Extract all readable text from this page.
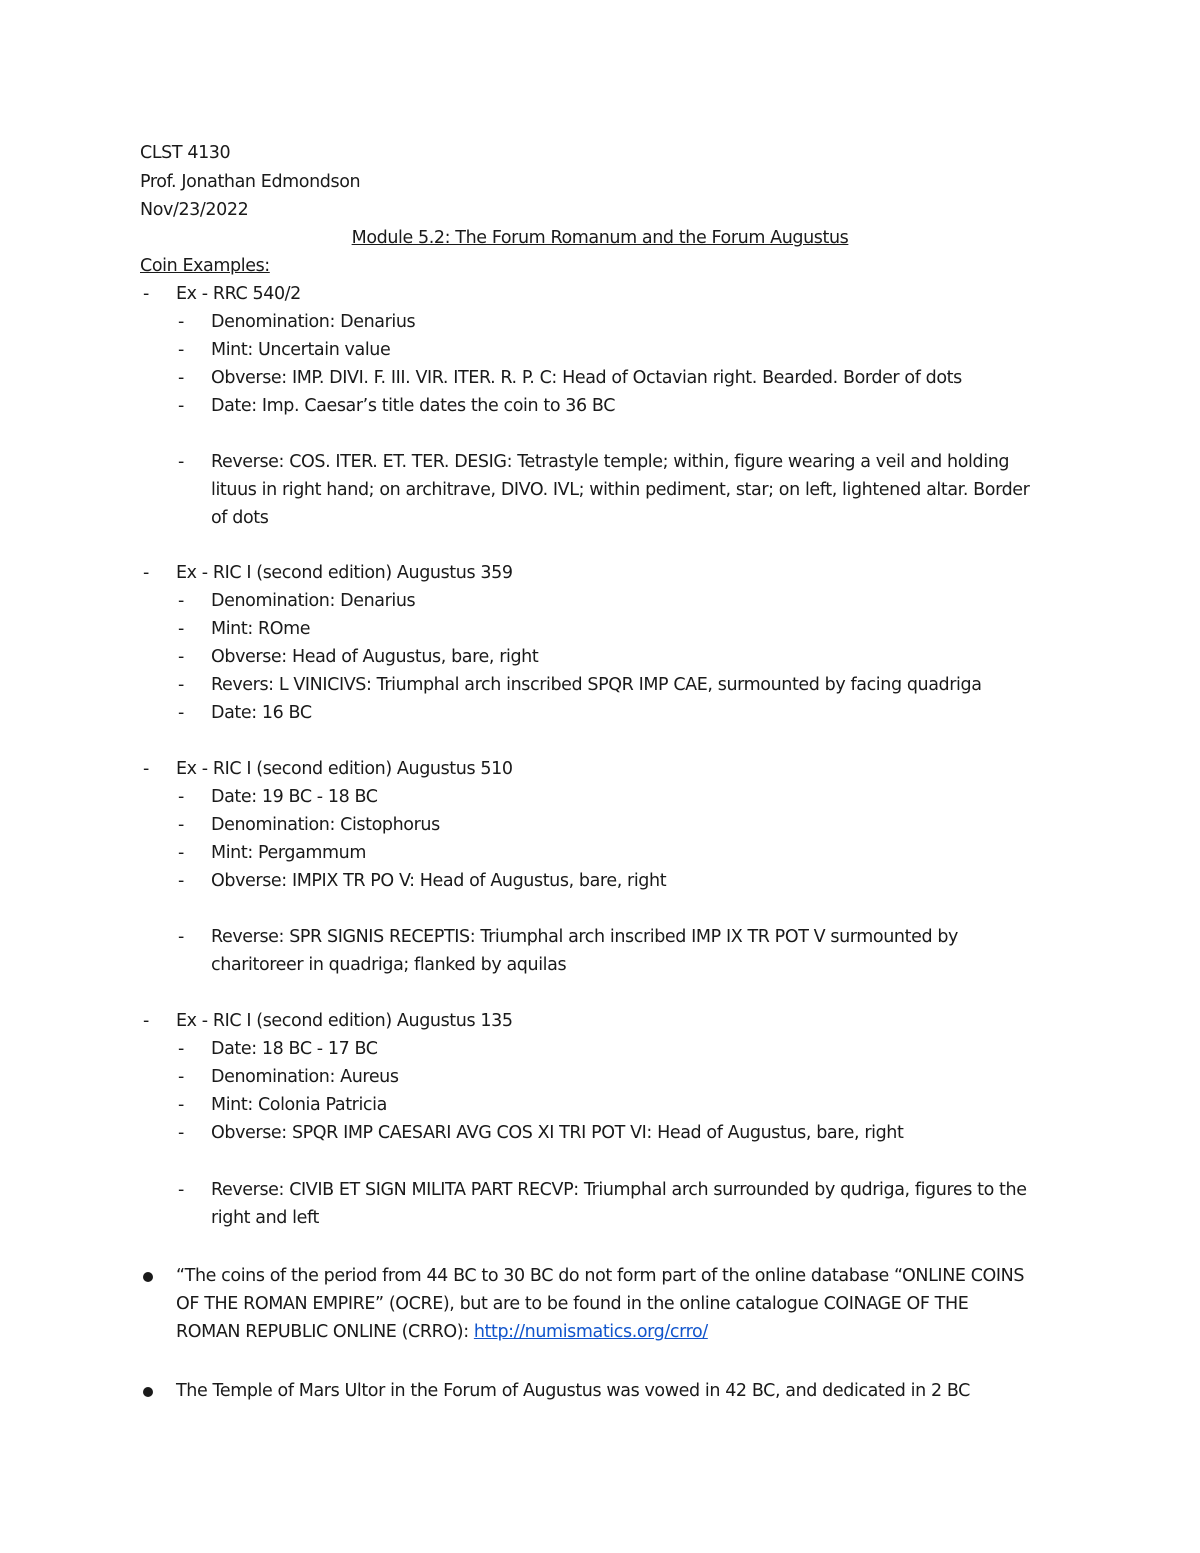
CLST 4130
Prof. Jonathan Edmondson
Nov/23/2022
Module 5.2: The Forum Romanum and the Forum Augustus
Coin Examples:
- Ex - RRC 540/2
- Denomination: Denarius
- Mint: Uncertain value
- Obverse: IMP. DIVI. F. III. VIR. ITER. R. P. C: Head of Octavian right. Bearded. Border of dots
- Date: Imp. Caesar’s title dates the coin to 36 BC
- Reverse: COS. ITER. ET. TER. DESIG: Tetrastyle temple; within, figure wearing a veil and holding
lituus in right hand; on architrave, DIVO. IVL; within pediment, star; on left, lightened altar. Border
of dots
- Ex - RIC I (second edition) Augustus 359
- Denomination: Denarius
- Mint: ROme
- Obverse: Head of Augustus, bare, right
- Revers: L VINICIVS: Triumphal arch inscribed SPQR IMP CAE, surmounted by facing quadriga
- Date: 16 BC
- Ex - RIC I (second edition) Augustus 510
- Date: 19 BC - 18 BC
- Denomination: Cistophorus
- Mint: Pergammum
- Obverse: IMPIX TR PO V: Head of Augustus, bare, right
- Reverse: SPR SIGNIS RECEPTIS: Triumphal arch inscribed IMP IX TR POT V surmounted by
charitoreer in quadriga; flanked by aquilas
- Ex - RIC I (second edition) Augustus 135
- Date: 18 BC - 17 BC
- Denomination: Aureus
- Mint: Colonia Patricia
- Obverse: SPQR IMP CAESARI AVG COS XI TRI POT VI: Head of Augustus, bare, right
- Reverse: CIVIB ET SIGN MILITA PART RECVP: Triumphal arch surrounded by qudriga, figures to the
right and left
“The coins of the period from 44 BC to 30 BC do not form part of the online database “ONLINE COINS
OF THE ROMAN EMPIRE” (OCRE), but are to be found in the online catalogue COINAGE OF THE
ROMAN REPUBLIC ONLINE (CRRO): http://numismatics.org/crro/
The Temple of Mars Ultor in the Forum of Augustus was vowed in 42 BC, and dedicated in 2 BC
